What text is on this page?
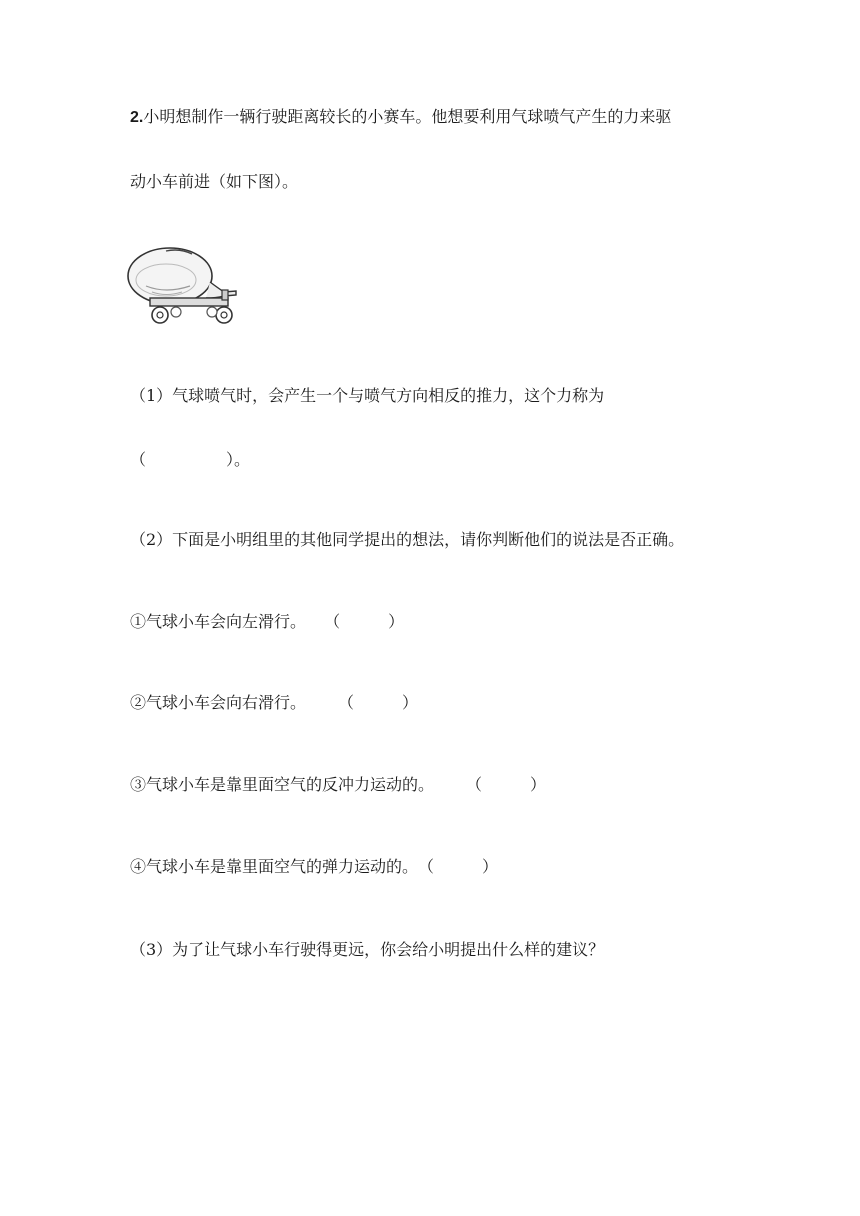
2.小明想制作一辆行驶距离较长的小赛车。他想要利用气球喷气产生的力来驱
动小车前进（如下图）。
（1）气球喷气时，会产生一个与喷气方向相反的推力，这个力称为
（　　　　　）。
（2）下面是小明组里的其他同学提出的想法，请你判断他们的说法是否正确。
①气球小车会向左滑行。　  （　　　）
②气球小车会向右滑行。　　　（　　　）
③气球小车是靠里面空气的反冲力运动的。　　　（　　　）
④气球小车是靠里面空气的弹力运动的。　（　　　）
（3）为了让气球小车行驶得更远，你会给小明提出什么样的建议？
